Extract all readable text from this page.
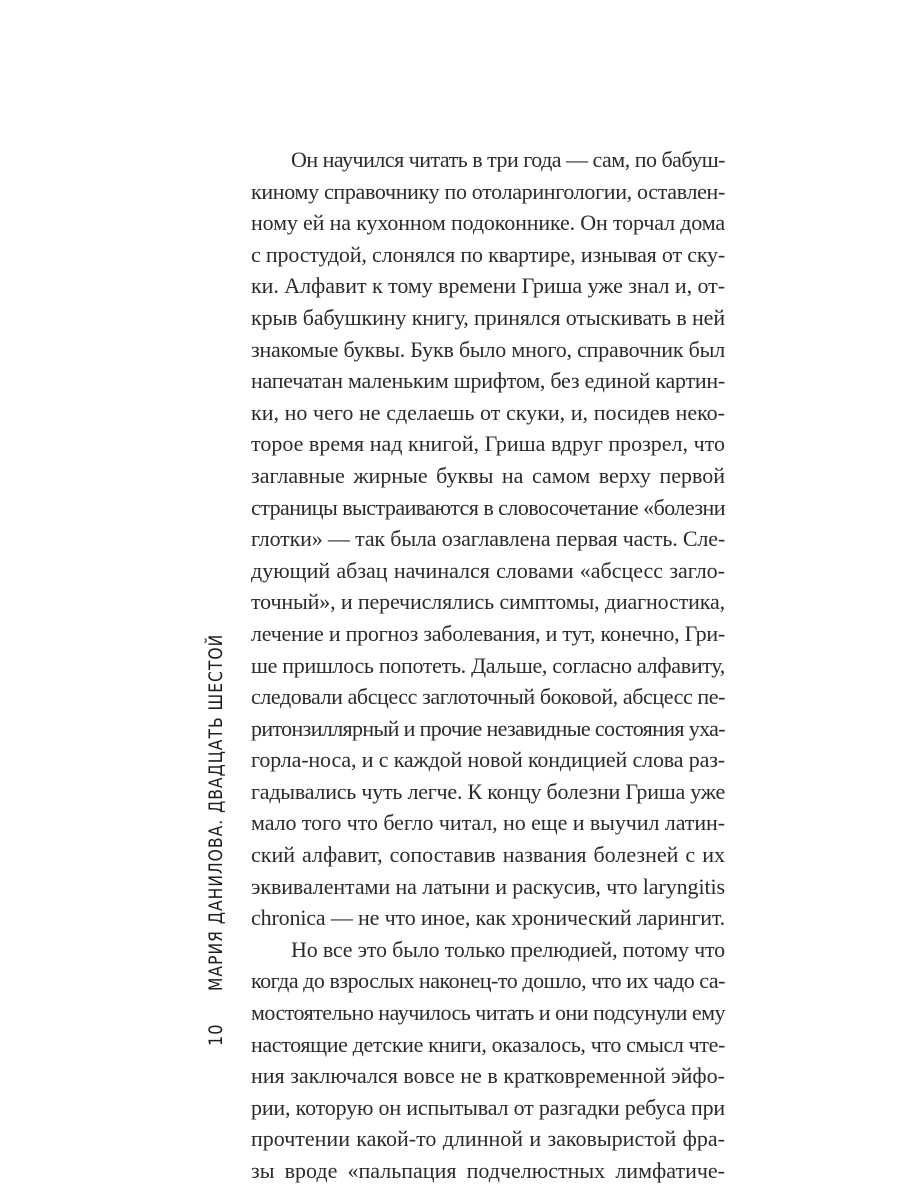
10
МАРИЯ ДАНИЛОВА. ДВАДЦАТЬ ШЕСТОЙ
Он научился читать в три года — сам, по бабуш-
киному справочнику по отоларингологии, оставлен-
ному ей на кухонном подоконнике. Он торчал дома
с простудой, слонялся по квартире, изнывая от ску-
ки. Алфавит к тому времени Гриша уже знал и, от-
крыв бабушкину книгу, принялся отыскивать в ней
знакомые буквы. Букв было много, справочник был
напечатан маленьким шрифтом, без единой картин-
ки, но чего не сделаешь от скуки, и, посидев неко-
торое время над книгой, Гриша вдруг прозрел, что
заглавные жирные буквы на самом верху первой
страницы выстраиваются в словосочетание «болезни
глотки» — так была озаглавлена первая часть. Сле-
дующий абзац начинался словами «абсцесс загло-
точный», и перечислялись симптомы, диагностика,
лечение и прогноз заболевания, и тут, конечно, Гри-
ше пришлось попотеть. Дальше, согласно алфавиту,
следовали абсцесс заглоточный боковой, абсцесс пе-
ритонзиллярный и прочие незавидные состояния уха-
горла-носа, и с каждой новой кондицией слова раз-
гадывались чуть легче. К концу болезни Гриша уже
мало того что бегло читал, но еще и выучил латин-
ский алфавит, сопоставив названия болезней с их
эквивалентами на латыни и раскусив, что laryngitis
chronica — не что иное, как хронический ларингит.
Но все это было только прелюдией, потому что
когда до взрослых наконец-то дошло, что их чадо са-
мостоятельно научилось читать и они подсунули ему
настоящие детские книги, оказалось, что смысл чте-
ния заключался вовсе не в кратковременной эйфо-
рии, которую он испытывал от разгадки ребуса при
прочтении какой-то длинной и заковыристой фра-
зы вроде «пальпация подчелюстных лимфатиче-
